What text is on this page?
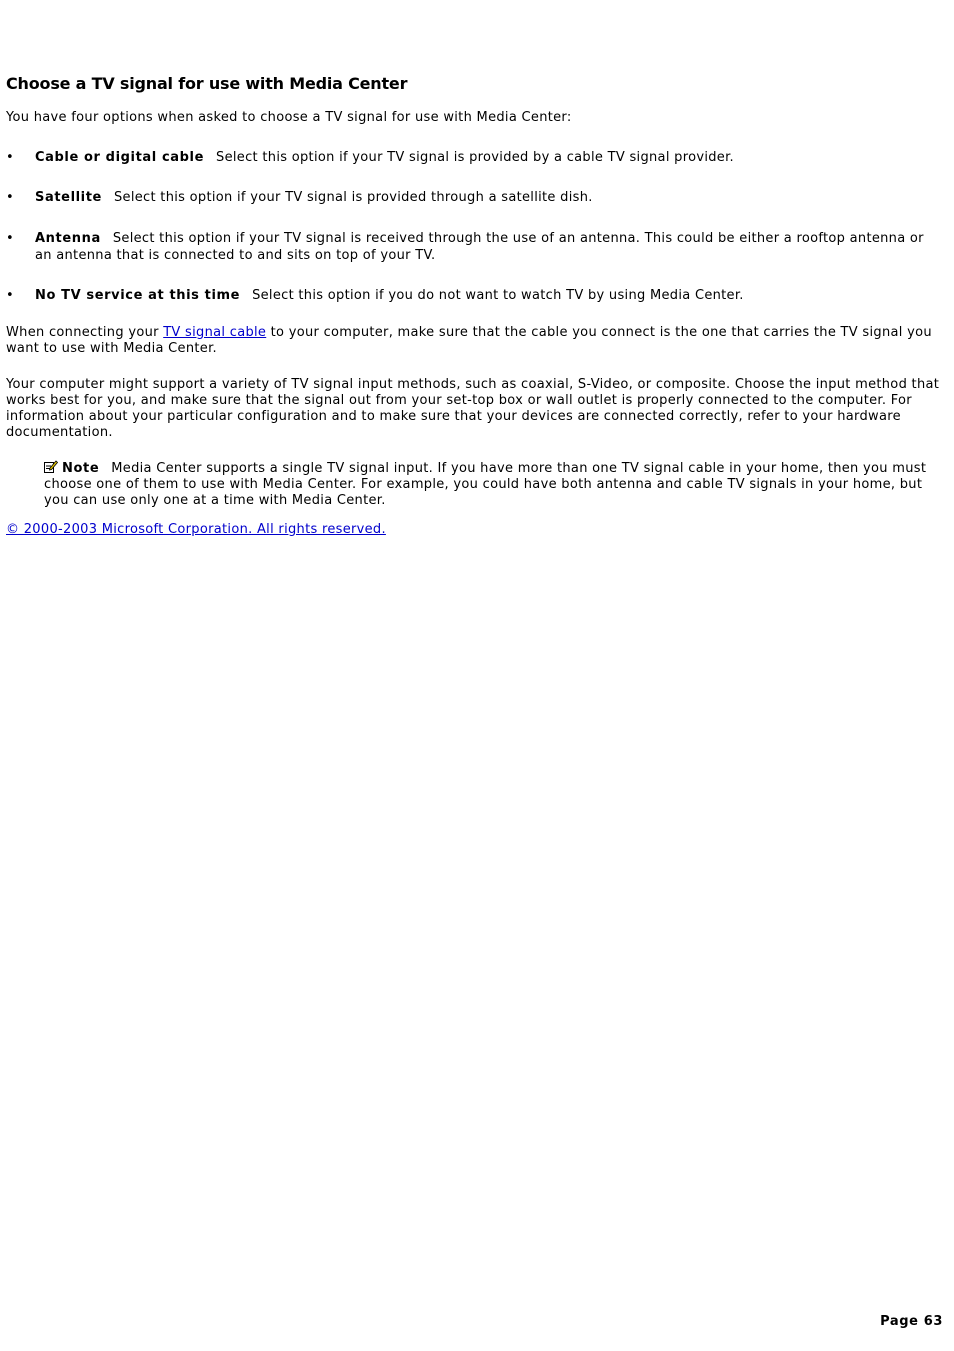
Choose a TV signal for use with Media Center

You have four options when asked to choose a TV signal for use with Media Center:

•	Cable or digital cable Select this option if your TV signal is provided by a cable TV signal provider.
•	Satellite Select this option if your TV signal is provided through a satellite dish.
•	Antenna Select this option if your TV signal is received through the use of an antenna. This could be either a rooftop antenna or an antenna that is connected to and sits on top of your TV.
•	No TV service at this time Select this option if you do not want to watch TV by using Media Center.

When connecting your TV signal cable to your computer, make sure that the cable you connect is the one that carries the TV signal you want to use with Media Center.

Your computer might support a variety of TV signal input methods, such as coaxial, S-Video, or composite. Choose the input method that works best for you, and make sure that the signal out from your set-top box or wall outlet is properly connected to the computer. For information about your particular configuration and to make sure that your devices are connected correctly, refer to your hardware documentation.

Note Media Center supports a single TV signal input. If you have more than one TV signal cable in your home, then you must choose one of them to use with Media Center. For example, you could have both antenna and cable TV signals in your home, but you can use only one at a time with Media Center.
© 2000-2003 Microsoft Corporation. All rights reserved.
Page 63
